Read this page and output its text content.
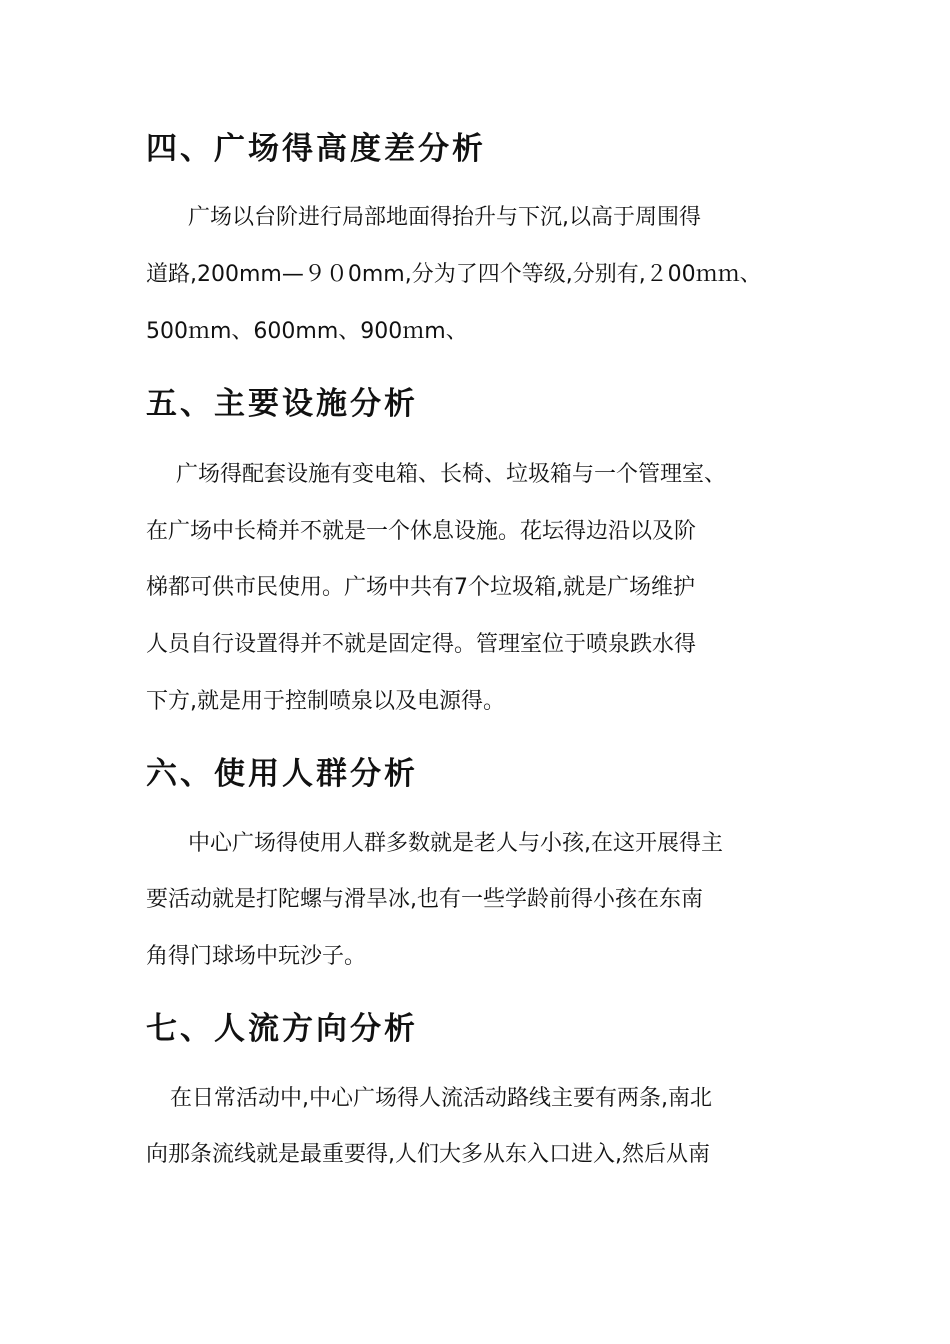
四、广场得高度差分析

广场以台阶进行局部地面得抬升与下沉,以高于周围得

道路,200mm—９０0mm,分为了四个等级,分别有,２00ｍｍ、

500ｍm、600mm、900ｍm、

五、主要设施分析

广场得配套设施有变电箱、长椅、垃圾箱与一个管理室、

在广场中长椅并不就是一个休息设施。花坛得边沿以及阶

梯都可供市民使用。广场中共有7个垃圾箱,就是广场维护

人员自行设置得并不就是固定得。管理室位于喷泉跌水得

下方,就是用于控制喷泉以及电源得。

六、使用人群分析

中心广场得使用人群多数就是老人与小孩,在这开展得主

要活动就是打陀螺与滑旱冰,也有一些学龄前得小孩在东南

角得门球场中玩沙子。

七、人流方向分析

在日常活动中,中心广场得人流活动路线主要有两条,南北

向那条流线就是最重要得,人们大多从东入口进入,然后从南
